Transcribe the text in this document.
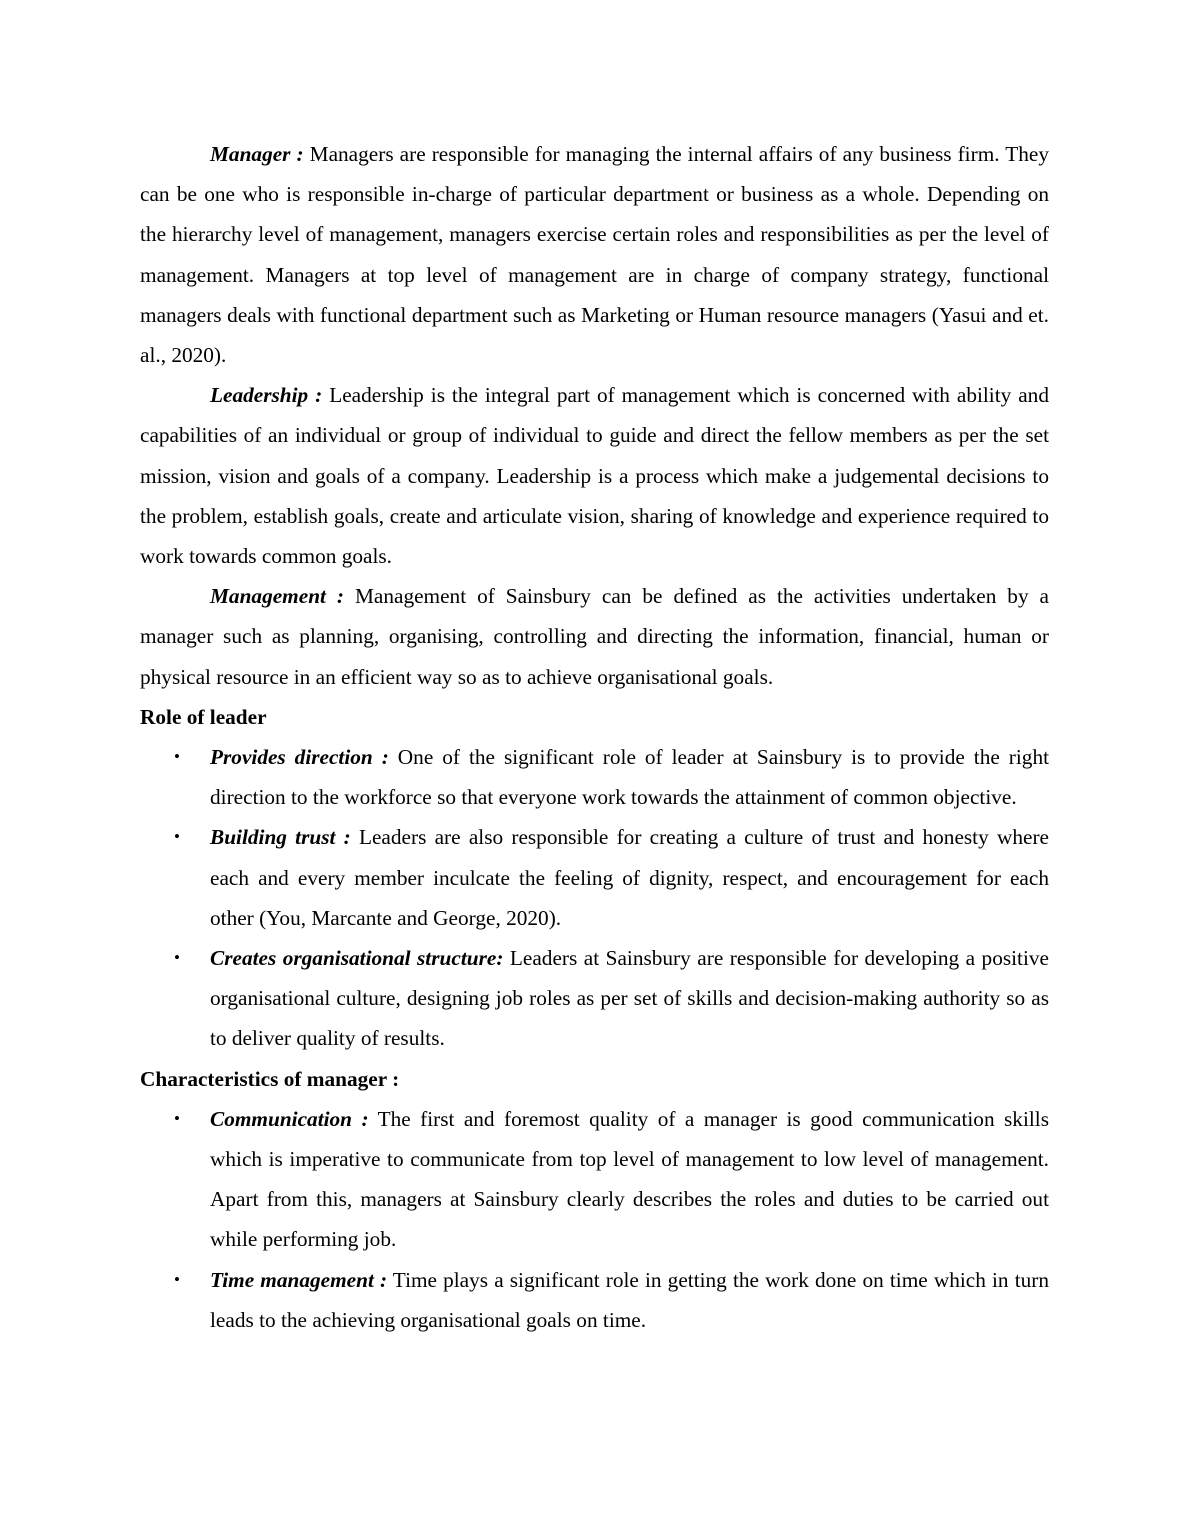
Manager : Managers are responsible for managing the internal affairs of any business firm. They can be one who is responsible in-charge of particular department or business as a whole. Depending on the hierarchy level of management, managers exercise certain roles and responsibilities as per the level of management. Managers at top level of management are in charge of company strategy, functional managers deals with functional department such as Marketing or Human resource managers (Yasui and et. al., 2020).

Leadership : Leadership is the integral part of management which is concerned with ability and capabilities of an individual or group of individual to guide and direct the fellow members as per the set mission, vision and goals of a company. Leadership is a process which make a judgemental decisions to the problem, establish goals, create and articulate vision, sharing of knowledge and experience required to work towards common goals.

Management : Management of Sainsbury can be defined as the activities undertaken by a manager such as planning, organising, controlling and directing the information, financial, human or physical resource in an efficient way so as to achieve organisational goals.

Role of leader
• Provides direction : One of the significant role of leader at Sainsbury is to provide the right direction to the workforce so that everyone work towards the attainment of common objective.
• Building trust : Leaders are also responsible for creating a culture of trust and honesty where each and every member inculcate the feeling of dignity, respect, and encouragement for each other (You, Marcante and George, 2020).
• Creates organisational structure: Leaders at Sainsbury are responsible for developing a positive organisational culture, designing job roles as per set of skills and decision-making authority so as to deliver quality of results.
Characteristics of manager :
• Communication : The first and foremost quality of a manager is good communication skills which is imperative to communicate from top level of management to low level of management. Apart from this, managers at Sainsbury clearly describes the roles and duties to be carried out while performing job.
• Time management : Time plays a significant role in getting the work done on time which in turn leads to the achieving organisational goals on time.
